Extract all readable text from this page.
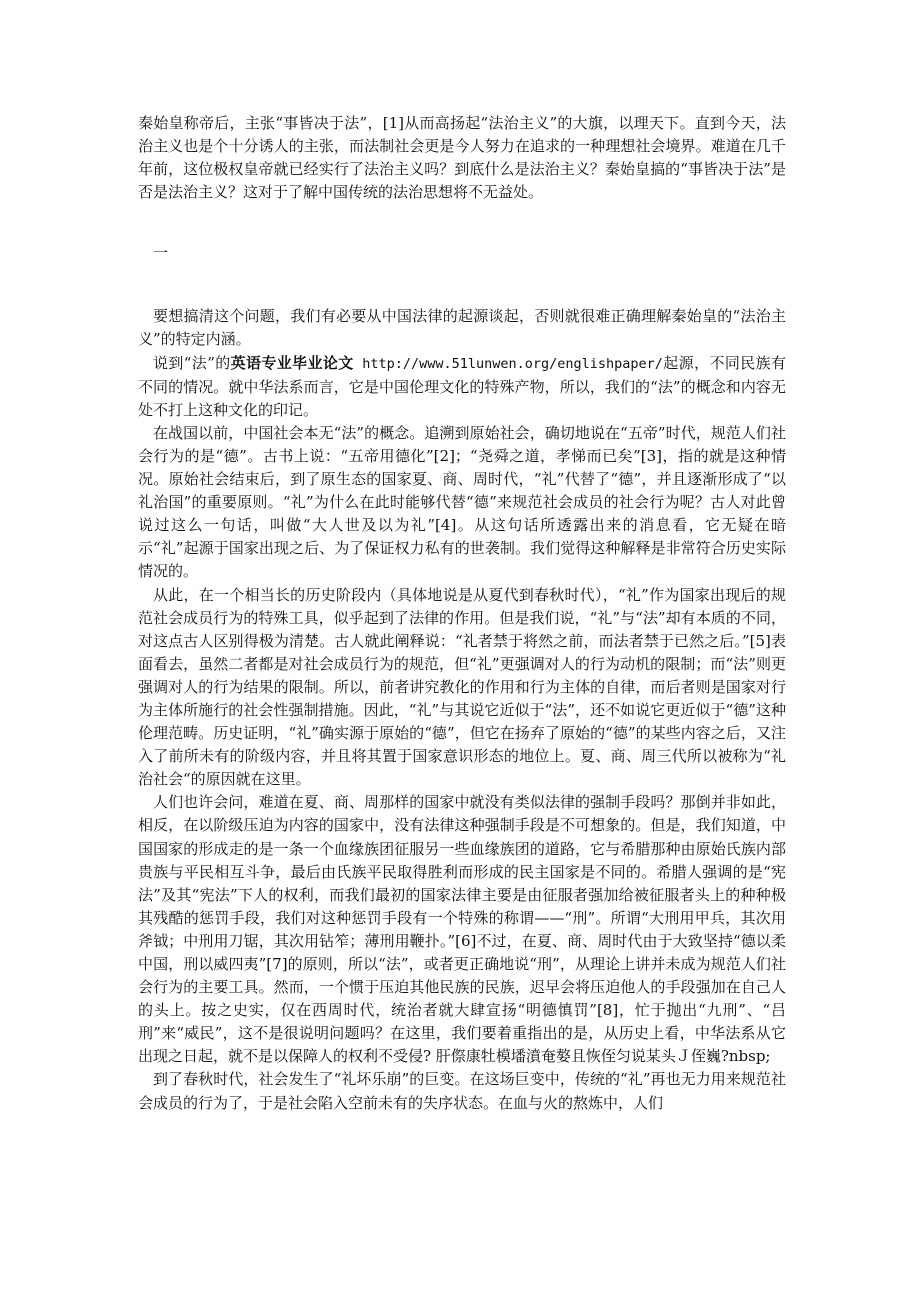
秦始皇称帝后，主张“事皆决于法”，[1]从而高扬起“法治主义”的大旗，以理天下。直到今天，法治主义也是个十分诱人的主张，而法制社会更是今人努力在追求的一种理想社会境界。难道在几千年前，这位极权皇帝就已经实行了法治主义吗？到底什么是法治主义？秦始皇搞的“事皆决于法”是否是法治主义？这对于了解中国传统的法治思想将不无益处。

一

要想搞清这个问题，我们有必要从中国法律的起源谈起，否则就很难正确理解秦始皇的“法治主义”的特定内涵。

说到“法”的英语专业毕业论文 http://www.51lunwen.org/englishpaper/起源，不同民族有不同的情况。就中华法系而言，它是中国伦理文化的特殊产物，所以，我们的“法”的概念和内容无处不打上这种文化的印记。

在战国以前，中国社会本无“法”的概念。追溯到原始社会，确切地说在“五帝”时代，规范人们社会行为的是“德”。古书上说：“五帝用德化”[2]；“尧舜之道，孝悌而已矣”[3]，指的就是这种情况。原始社会结束后，到了原生态的国家夏、商、周时代，“礼”代替了“德”，并且逐渐形成了“以礼治国”的重要原则。“礼”为什么在此时能够代替“德”来规范社会成员的社会行为呢？古人对此曾说过这么一句话，叫做“大人世及以为礼”[4]。从这句话所透露出来的消息看，它无疑在暗示“礼”起源于国家出现之后、为了保证权力私有的世袭制。我们觉得这种解释是非常符合历史实际情况的。

从此，在一个相当长的历史阶段内（具体地说是从夏代到春秋时代），“礼”作为国家出现后的规范社会成员行为的特殊工具，似乎起到了法律的作用。但是我们说，“礼”与“法”却有本质的不同，对这点古人区别得极为清楚。古人就此阐释说：“礼者禁于将然之前，而法者禁于已然之后。”[5]表面看去，虽然二者都是对社会成员行为的规范，但“礼”更强调对人的行为动机的限制；而“法”则更强调对人的行为结果的限制。所以，前者讲究教化的作用和行为主体的自律，而后者则是国家对行为主体所施行的社会性强制措施。因此，“礼”与其说它近似于“法”，还不如说它更近似于“德”这种伦理范畴。历史证明，“礼”确实源于原始的“德”，但它在扬弃了原始的“德”的某些内容之后，又注入了前所未有的阶级内容，并且将其置于国家意识形态的地位上。夏、商、周三代所以被称为“礼治社会“的原因就在这里。

人们也许会问，难道在夏、商、周那样的国家中就没有类似法律的强制手段吗？那倒并非如此，相反，在以阶级压迫为内容的国家中，没有法律这种强制手段是不可想象的。但是，我们知道，中国国家的形成走的是一条一个血缘族团征服另一些血缘族团的道路，它与希腊那种由原始氏族内部贵族与平民相互斗争，最后由氏族平民取得胜利而形成的民主国家是不同的。希腊人强调的是“宪法”及其“宪法”下人的权利，而我们最初的国家法律主要是由征服者强加给被征服者头上的种种极其残酷的惩罚手段，我们对这种惩罚手段有一个特殊的称谓——“刑”。所谓“大刑用甲兵，其次用斧钺；中刑用刀锯，其次用钻笮；薄刑用鞭扑。”[6]不过，在夏、商、周时代由于大致坚持“德以柔中国，刑以威四夷”[7]的原则，所以“法”，或者更正确地说“刑”，从理论上讲并未成为规范人们社会行为的主要工具。然而，一个惯于压迫其他民族的民族，迟早会将压迫他人的手段强加在自己人的头上。按之史实，仅在西周时代，统治者就大肆宣扬“明德慎罚”[8]，忙于抛出“九刑”、“吕刑”来“威民”，这不是很说明问题吗？在这里，我们要着重指出的是，从历史上看，中华法系从它出现之日起，就不是以保障人的权利不受侵? 肝傺康牡模墦濆奄嫯且恢侄匀说某头Ｊ侄巍?nbsp;

到了春秋时代，社会发生了“礼坏乐崩”的巨变。在这场巨变中，传统的“礼”再也无力用来规范社会成员的行为了，于是社会陷入空前未有的失序状态。在血与火的熬炼中，人们
